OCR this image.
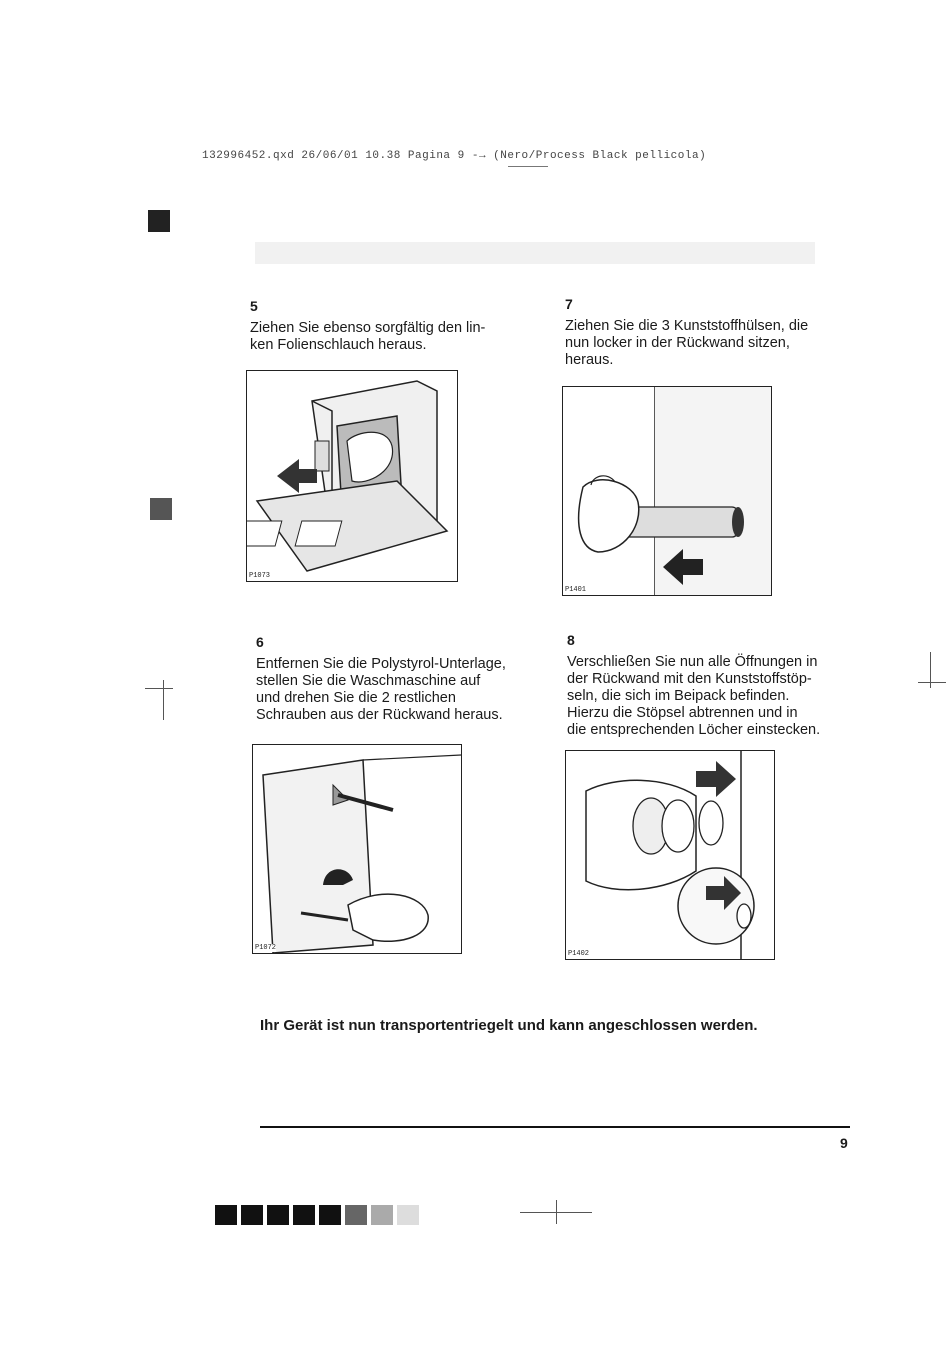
132996452.qxd 26/06/01 10.38 Pagina 9 -→ (Nero/Process Black pellicola)
5
Ziehen Sie ebenso sorgfältig den lin-
ken Folienschlauch heraus.
P1073
7
Ziehen Sie die 3 Kunststoffhülsen, die
nun locker in der Rückwand sitzen,
heraus.
P1401
6
Entfernen Sie die Polystyrol-Unterlage,
stellen Sie die Waschmaschine auf
und drehen Sie die 2 restlichen
Schrauben aus der Rückwand heraus.
P1072
8
Verschließen Sie nun alle Öffnungen in
der Rückwand mit den Kunststoffstöp-
seln, die sich im Beipack befinden.
Hierzu die Stöpsel abtrennen und in
die entsprechenden Löcher einstecken.
P1402
Ihr Gerät ist nun transportentriegelt und kann angeschlossen werden.
9
